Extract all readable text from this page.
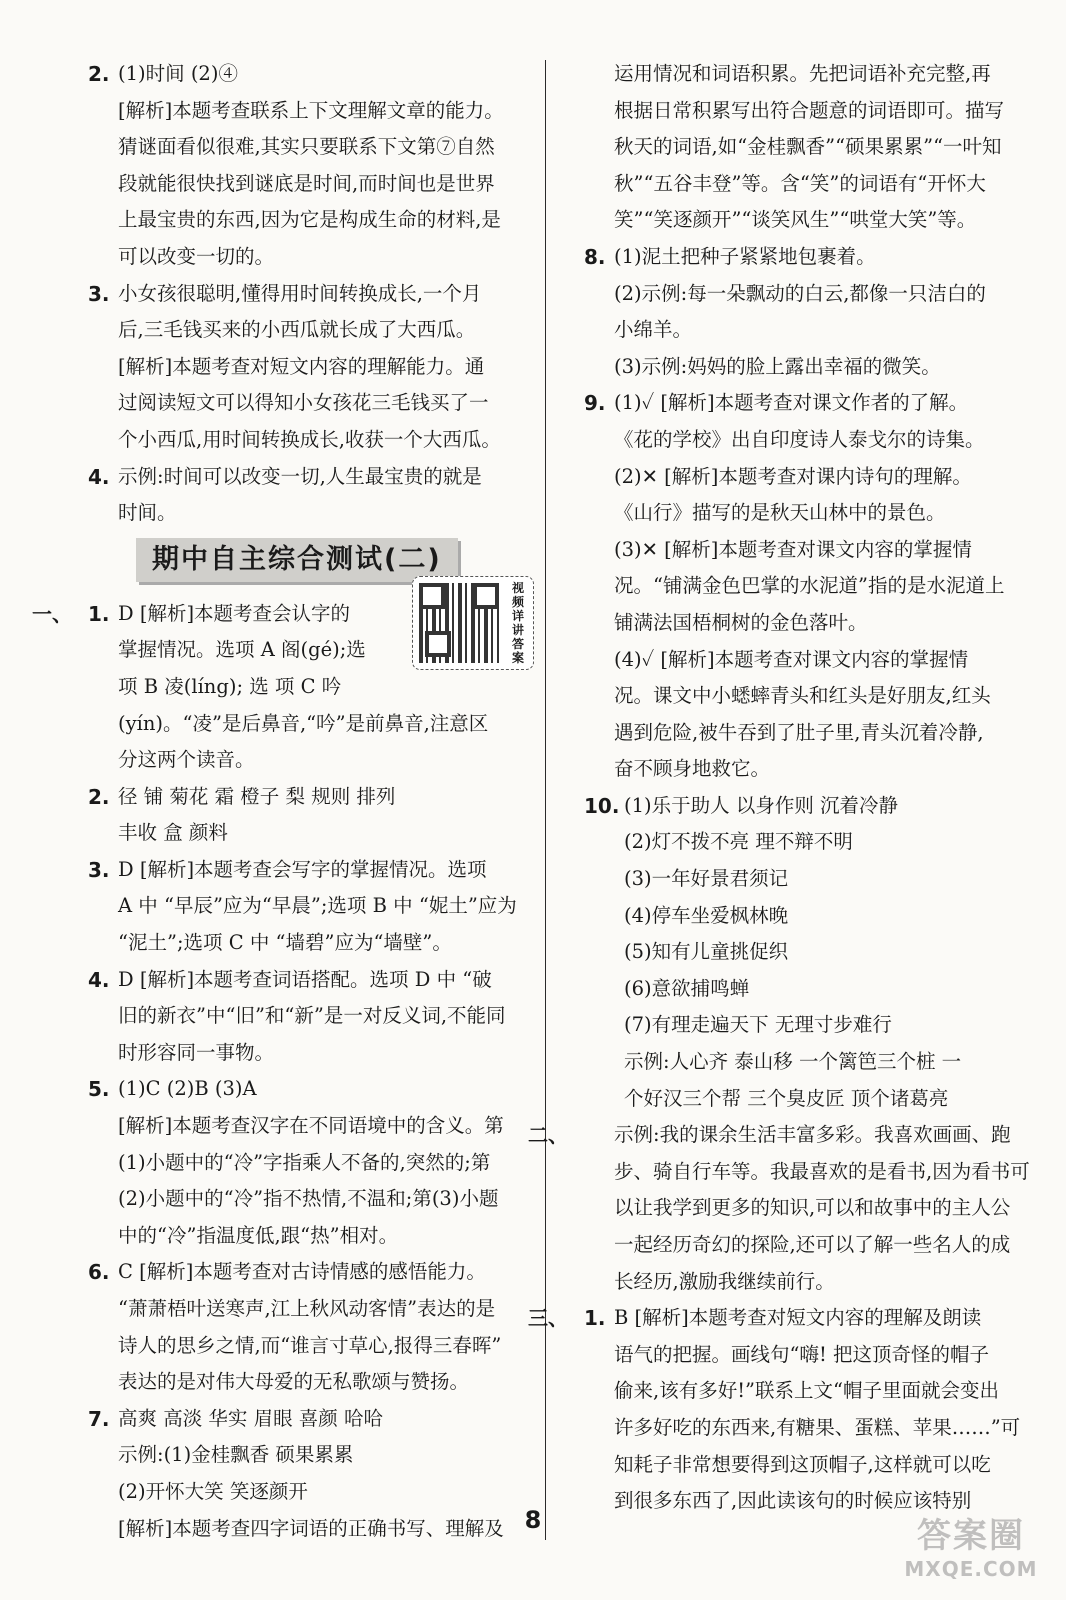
2. (1)时间 (2)④
[解析]本题考查联系上下文理解文章的能力。
猜谜面看似很难,其实只要联系下文第⑦自然
段就能很快找到谜底是时间,而时间也是世界
上最宝贵的东西,因为它是构成生命的材料,是
可以改变一切的。
3. 小女孩很聪明,懂得用时间转换成长,一个月
后,三毛钱买来的小西瓜就长成了大西瓜。
[解析]本题考查对短文内容的理解能力。通
过阅读短文可以得知小女孩花三毛钱买了一
个小西瓜,用时间转换成长,收获一个大西瓜。
4. 示例:时间可以改变一切,人生最宝贵的就是
时间。
期中自主综合测试(二)
一、 1. D [解析]本题考查会认字的
掌握情况。选项 A 阁(gé);选
项 B 凌(líng); 选 项 C 吟
(yín)。“凌”是后鼻音,“吟”是前鼻音,注意区
分这两个读音。
2. 径 铺 菊花 霜 橙子 梨 规则 排列
丰收 盒 颜料
3. D [解析]本题考查会写字的掌握情况。选项
A 中 “早辰”应为“早晨”;选项 B 中 “妮土”应为
“泥土”;选项 C 中 “墙碧”应为“墙壁”。
4. D [解析]本题考查词语搭配。选项 D 中 “破
旧的新衣”中“旧”和“新”是一对反义词,不能同
时形容同一事物。
5. (1)C (2)B (3)A
[解析]本题考查汉字在不同语境中的含义。第
(1)小题中的“冷”字指乘人不备的,突然的;第
(2)小题中的“冷”指不热情,不温和;第(3)小题
中的“冷”指温度低,跟“热”相对。
6. C [解析]本题考查对古诗情感的感悟能力。
“萧萧梧叶送寒声,江上秋风动客情”表达的是
诗人的思乡之情,而“谁言寸草心,报得三春晖”
表达的是对伟大母爱的无私歌颂与赞扬。
7. 高爽 高淡 华实 眉眼 喜颜 哈哈
示例:(1)金桂飘香 硕果累累
(2)开怀大笑 笑逐颜开
[解析]本题考查四字词语的正确书写、理解及
视频详讲答案
运用情况和词语积累。先把词语补充完整,再
根据日常积累写出符合题意的词语即可。描写
秋天的词语,如“金桂飘香”“硕果累累”“一叶知
秋”“五谷丰登”等。含“笑”的词语有“开怀大
笑”“笑逐颜开”“谈笑风生”“哄堂大笑”等。
8. (1)泥土把种子紧紧地包裹着。
(2)示例:每一朵飘动的白云,都像一只洁白的
小绵羊。
(3)示例:妈妈的脸上露出幸福的微笑。
9. (1)✓ [解析]本题考查对课文作者的了解。
《花的学校》出自印度诗人泰戈尔的诗集。
(2)✕ [解析]本题考查对课内诗句的理解。
《山行》描写的是秋天山林中的景色。
(3)✕ [解析]本题考查对课文内容的掌握情
况。“铺满金色巴掌的水泥道”指的是水泥道上
铺满法国梧桐树的金色落叶。
(4)✓ [解析]本题考查对课文内容的掌握情
况。课文中小蟋蟀青头和红头是好朋友,红头
遇到危险,被牛吞到了肚子里,青头沉着冷静,
奋不顾身地救它。
10. (1)乐于助人 以身作则 沉着冷静
(2)灯不拨不亮 理不辩不明
(3)一年好景君须记
(4)停车坐爱枫林晚
(5)知有儿童挑促织
(6)意欲捕鸣蝉
(7)有理走遍天下 无理寸步难行
示例:人心齐 泰山移 一个篱笆三个桩 一
个好汉三个帮 三个臭皮匠 顶个诸葛亮
二、 示例:我的课余生活丰富多彩。我喜欢画画、跑
步、骑自行车等。我最喜欢的是看书,因为看书可
以让我学到更多的知识,可以和故事中的主人公
一起经历奇幻的探险,还可以了解一些名人的成
长经历,激励我继续前行。
三、 1. B [解析]本题考查对短文内容的理解及朗读
语气的把握。画线句“嗨! 把这顶奇怪的帽子
偷来,该有多好!”联系上文“帽子里面就会变出
许多好吃的东西来,有糖果、蛋糕、苹果……”可
知耗子非常想要得到这顶帽子,这样就可以吃
到很多东西了,因此读该句的时候应该特别
8	答案圈
MXQE.COM
